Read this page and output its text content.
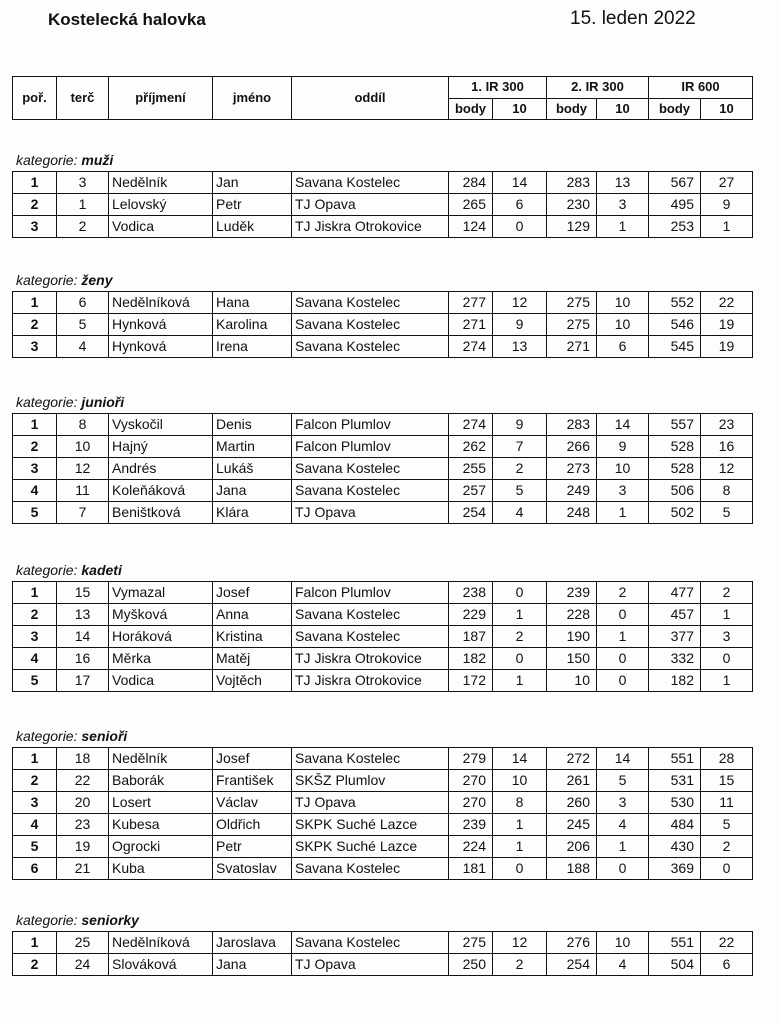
Kostelecká halovka	15. leden 2022
poř.	terč	příjmení	jméno	oddíl	1. IR 300		2. IR 300		IR 600	
					body	10	body	10	body	10
kategorie: muži
1	3	Nedělník	Jan	Savana Kostelec	284	14	283	13	567	27
2	1	Lelovský	Petr	TJ Opava	265	6	230	3	495	9
3	2	Vodica	Luděk	TJ Jiskra Otrokovice	124	0	129	1	253	1
kategorie: ženy
1	6	Nedělníková	Hana	Savana Kostelec	277	12	275	10	552	22
2	5	Hynková	Karolina	Savana Kostelec	271	9	275	10	546	19
3	4	Hynková	Irena	Savana Kostelec	274	13	271	6	545	19
kategorie: junioři
1	8	Vyskočil	Denis	Falcon Plumlov	274	9	283	14	557	23
2	10	Hajný	Martin	Falcon Plumlov	262	7	266	9	528	16
3	12	Andrés	Lukáš	Savana Kostelec	255	2	273	10	528	12
4	11	Koleňáková	Jana	Savana Kostelec	257	5	249	3	506	8
5	7	Beništková	Klára	TJ Opava	254	4	248	1	502	5
kategorie: kadeti
1	15	Vymazal	Josef	Falcon Plumlov	238	0	239	2	477	2
2	13	Myšková	Anna	Savana Kostelec	229	1	228	0	457	1
3	14	Horáková	Kristina	Savana Kostelec	187	2	190	1	377	3
4	16	Měrka	Matěj	TJ Jiskra Otrokovice	182	0	150	0	332	0
5	17	Vodica	Vojtěch	TJ Jiskra Otrokovice	172	1	10	0	182	1
kategorie: senioři
1	18	Nedělník	Josef	Savana Kostelec	279	14	272	14	551	28
2	22	Baborák	František	SKŠZ Plumlov	270	10	261	5	531	15
3	20	Losert	Václav	TJ Opava	270	8	260	3	530	11
4	23	Kubesa	Oldřich	SKPK Suché Lazce	239	1	245	4	484	5
5	19	Ogrocki	Petr	SKPK Suché Lazce	224	1	206	1	430	2
6	21	Kuba	Svatoslav	Savana Kostelec	181	0	188	0	369	0
kategorie: seniorky
1	25	Nedělníková	Jaroslava	Savana Kostelec	275	12	276	10	551	22
2	24	Slováková	Jana	TJ Opava	250	2	254	4	504	6
